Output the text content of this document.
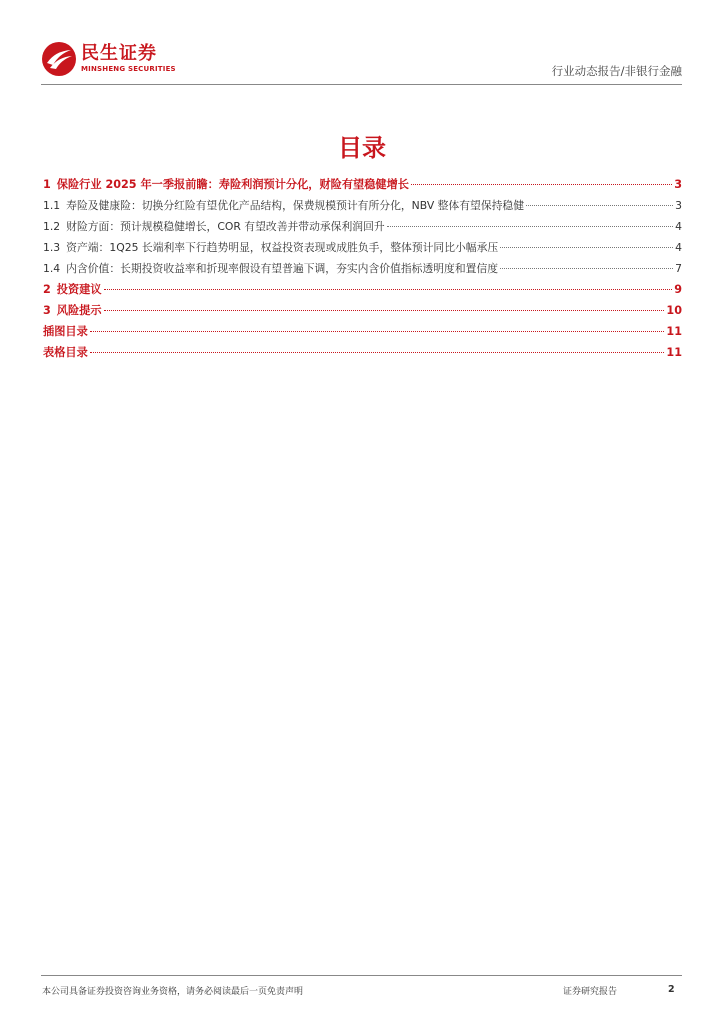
民生证券
MINSHENG SECURITIES	行业动态报告/非银行金融
目录
1 保险行业 2025 年一季报前瞻：寿险利润预计分化，财险有望稳健增长	3
1.1 寿险及健康险：切换分红险有望优化产品结构，保费规模预计有所分化，NBV 整体有望保持稳健	3
1.2 财险方面：预计规模稳健增长，COR 有望改善并带动承保利润回升	4
1.3 资产端：1Q25 长端利率下行趋势明显，权益投资表现或成胜负手，整体预计同比小幅承压	4
1.4 内含价值：长期投资收益率和折现率假设有望普遍下调，夯实内含价值指标透明度和置信度	7
2 投资建议	9
3 风险提示	10
插图目录	11
表格目录	11
本公司具备证券投资咨询业务资格，请务必阅读最后一页免责声明	证券研究报告	2
